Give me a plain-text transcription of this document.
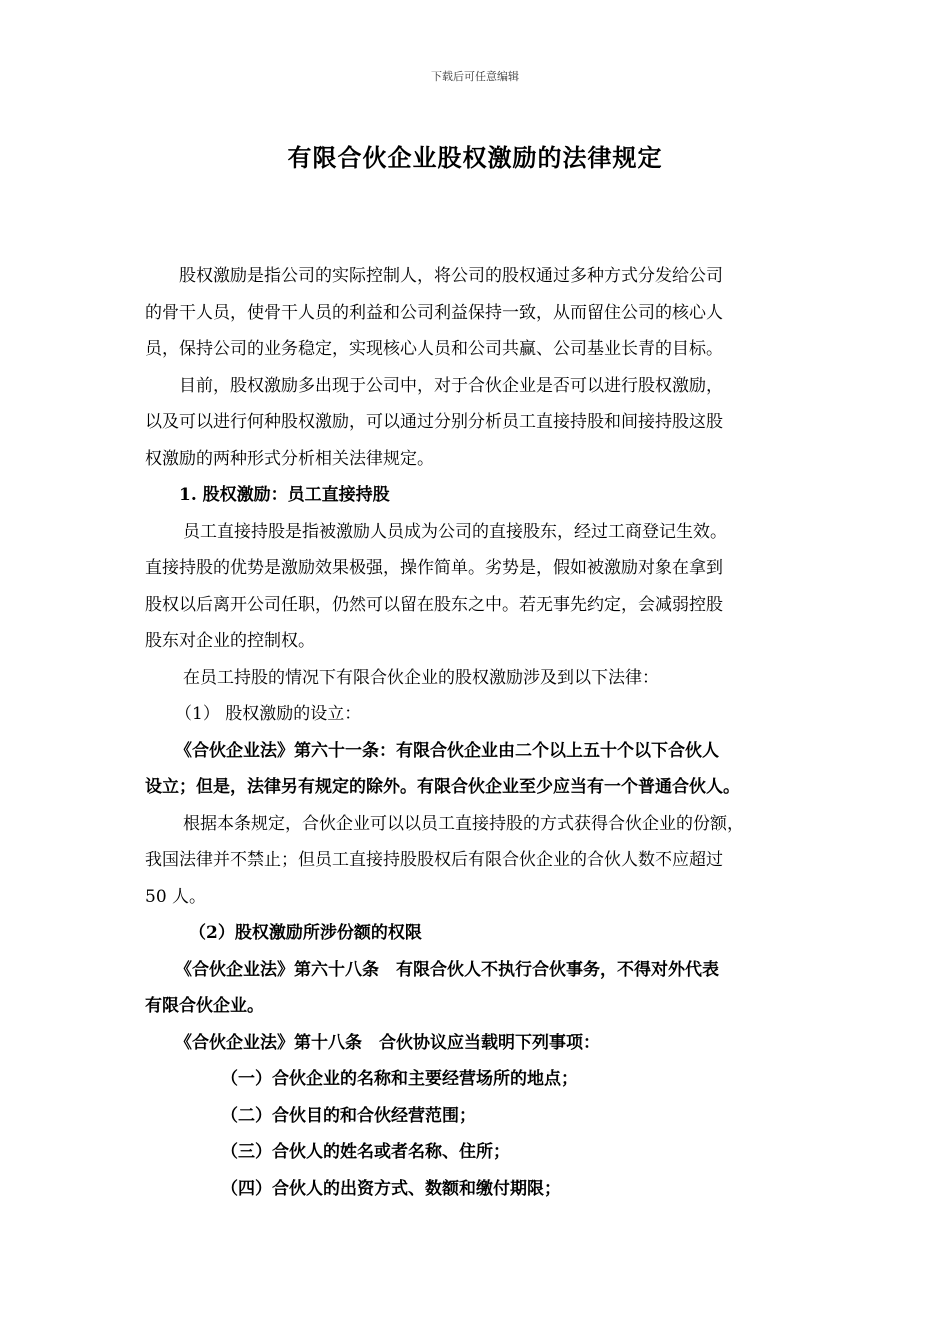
下载后可任意编辑
有限合伙企业股权激励的法律规定
股权激励是指公司的实际控制人，将公司的股权通过多种方式分发给公司
的骨干人员，使骨干人员的利益和公司利益保持一致，从而留住公司的核心人
员，保持公司的业务稳定，实现核心人员和公司共赢、公司基业长青的目标。
目前，股权激励多出现于公司中，对于合伙企业是否可以进行股权激励，
以及可以进行何种股权激励，可以通过分别分析员工直接持股和间接持股这股
权激励的两种形式分析相关法律规定。
1. 股权激励：员工直接持股
员工直接持股是指被激励人员成为公司的直接股东，经过工商登记生效。
直接持股的优势是激励效果极强，操作简单。劣势是，假如被激励对象在拿到
股权以后离开公司任职，仍然可以留在股东之中。若无事先约定，会减弱控股
股东对企业的控制权。
在员工持股的情况下有限合伙企业的股权激励涉及到以下法律：
（1） 股权激励的设立：
《合伙企业法》第六十一条：有限合伙企业由二个以上五十个以下合伙人
设立；但是，法律另有规定的除外。有限合伙企业至少应当有一个普通合伙人。
根据本条规定，合伙企业可以以员工直接持股的方式获得合伙企业的份额，
我国法律并不禁止；但员工直接持股股权后有限合伙企业的合伙人数不应超过
50 人。
（2）股权激励所涉份额的权限
《合伙企业法》第六十八条　有限合伙人不执行合伙事务，不得对外代表
有限合伙企业。
《合伙企业法》第十八条　合伙协议应当载明下列事项：
（一）合伙企业的名称和主要经营场所的地点；
（二）合伙目的和合伙经营范围；
（三）合伙人的姓名或者名称、住所；
（四）合伙人的出资方式、数额和缴付期限；
